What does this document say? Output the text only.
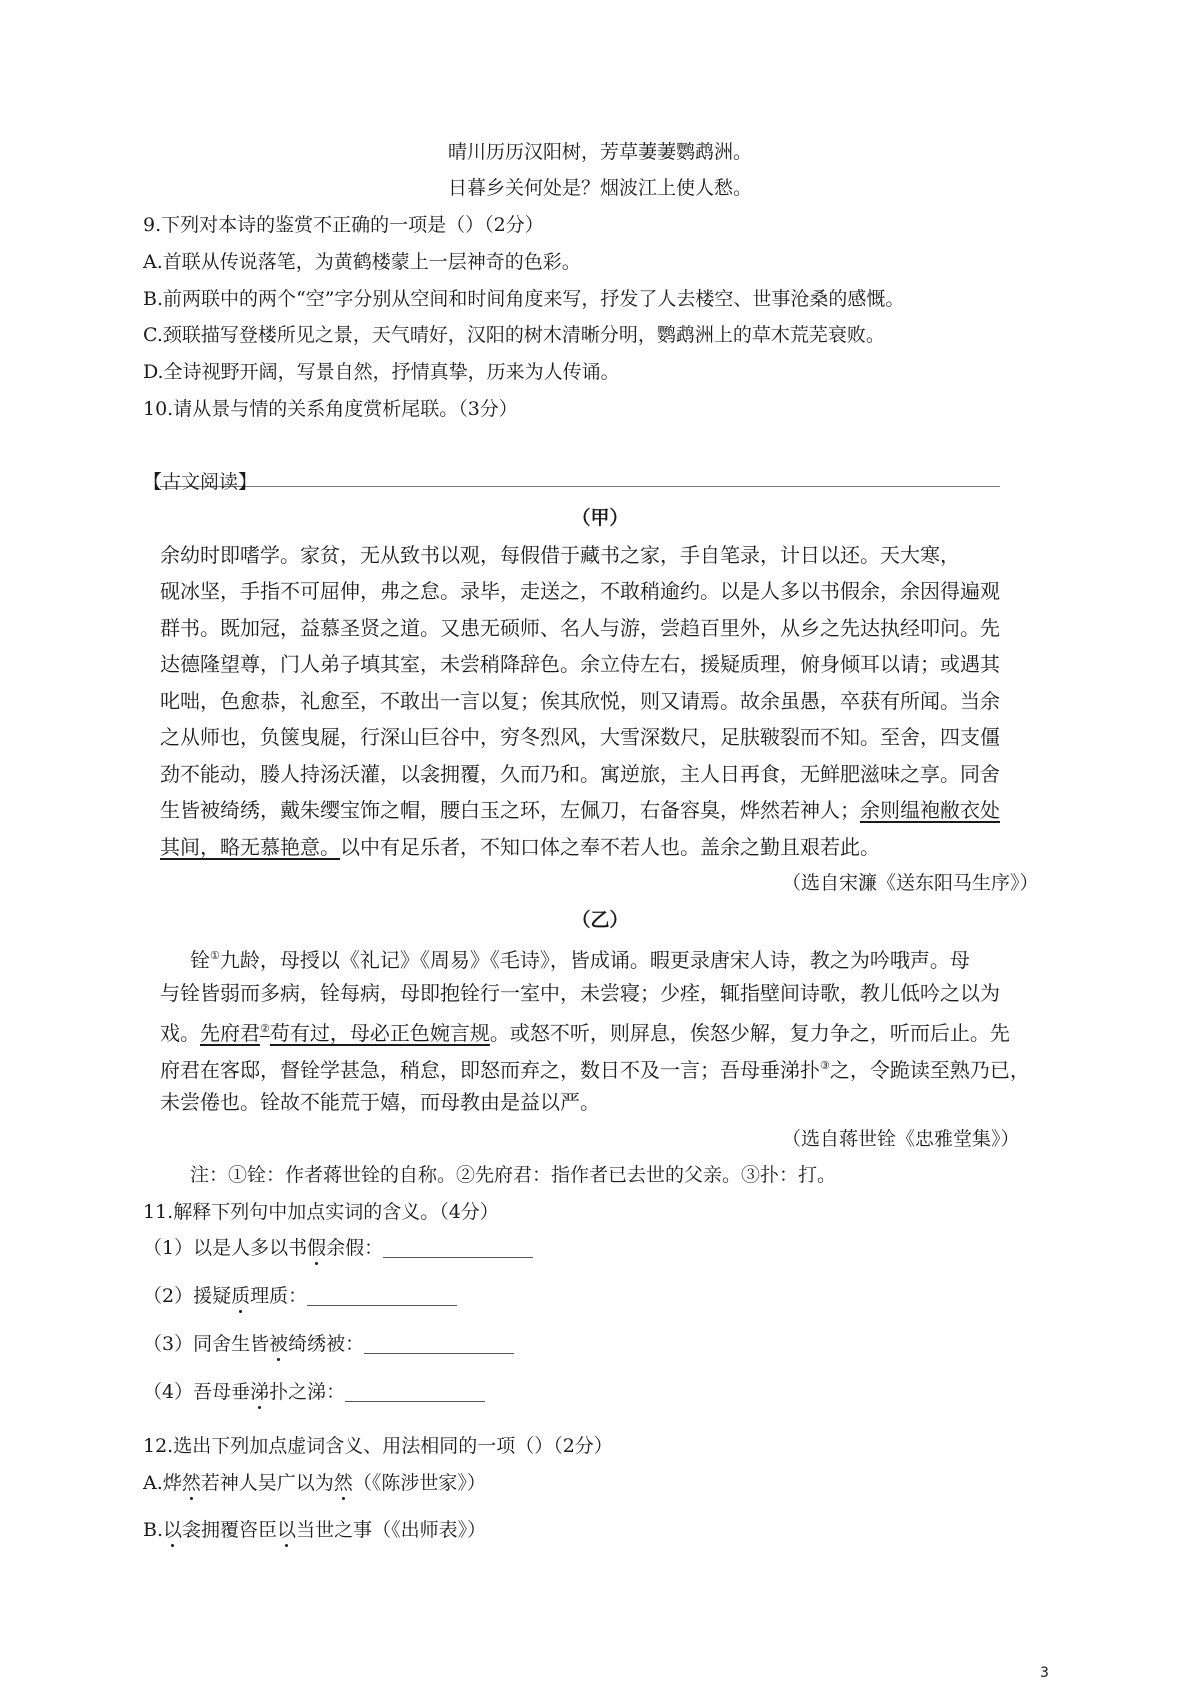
晴川历历汉阳树，芳草萋萋鹦鹉洲。
日暮乡关何处是？烟波江上使人愁。
9.下列对本诗的鉴赏不正确的一项是（）（2分）
A.首联从传说落笔，为黄鹤楼蒙上一层神奇的色彩。
B.前两联中的两个“空”字分别从空间和时间角度来写，抒发了人去楼空、世事沧桑的感慨。
C.颈联描写登楼所见之景，天气晴好，汉阳的树木清晰分明，鹦鹉洲上的草木荒芜衰败。
D.全诗视野开阔，写景自然，抒情真挚，历来为人传诵。
10.请从景与情的关系角度赏析尾联。（3分）
【古文阅读】
（甲）
余幼时即嗜学。家贫，无从致书以观，每假借于藏书之家，手自笔录，计日以还。天大寒，
砚冰坚，手指不可屈伸，弗之怠。录毕，走送之，不敢稍逾约。以是人多以书假余，余因得遍观
群书。既加冠，益慕圣贤之道。又患无硕师、名人与游，尝趋百里外，从乡之先达执经叩问。先
达德隆望尊，门人弟子填其室，未尝稍降辞色。余立侍左右，援疑质理，俯身倾耳以请；或遇其
叱咄，色愈恭，礼愈至，不敢出一言以复；俟其欣悦，则又请焉。故余虽愚，卒获有所闻。当余
之从师也，负箧曳屣，行深山巨谷中，穷冬烈风，大雪深数尺，足肤皲裂而不知。至舍，四支僵
劲不能动，媵人持汤沃灌，以衾拥覆，久而乃和。寓逆旅，主人日再食，无鲜肥滋味之享。同舍
生皆被绮绣，戴朱缨宝饰之帽，腰白玉之环，左佩刀，右备容臭，烨然若神人；余则缊袍敝衣处
其间，略无慕艳意。以中有足乐者，不知口体之奉不若人也。盖余之勤且艰若此。
（选自宋濂《送东阳马生序》）
（乙）
铨①九龄，母授以《礼记》《周易》《毛诗》，皆成诵。暇更录唐宋人诗，教之为吟哦声。母
与铨皆弱而多病，铨每病，母即抱铨行一室中，未尝寝；少痊，辄指壁间诗歌，教儿低吟之以为
戏。先府君②苟有过，母必正色婉言规。或怒不听，则屏息，俟怒少解，复力争之，听而后止。先
府君在客邸，督铨学甚急，稍怠，即怒而弃之，数日不及一言；吾母垂涕扑③之，令跪读至熟乃已，
未尝倦也。铨故不能荒于嬉，而母教由是益以严。
（选自蒋世铨《忠雅堂集》）
注：①铨：作者蒋世铨的自称。②先府君：指作者已去世的父亲。③扑：打。
11.解释下列句中加点实词的含义。（4分）
（1）以是人多以书假余假：
（2）援疑质理质：
（3）同舍生皆被绮绣被：
（4）吾母垂涕扑之涕：
12.选出下列加点虚词含义、用法相同的一项（）（2分）
A.烨然若神人吴广以为然（《陈涉世家》）
B.以衾拥覆咨臣以当世之事（《出师表》）
3
